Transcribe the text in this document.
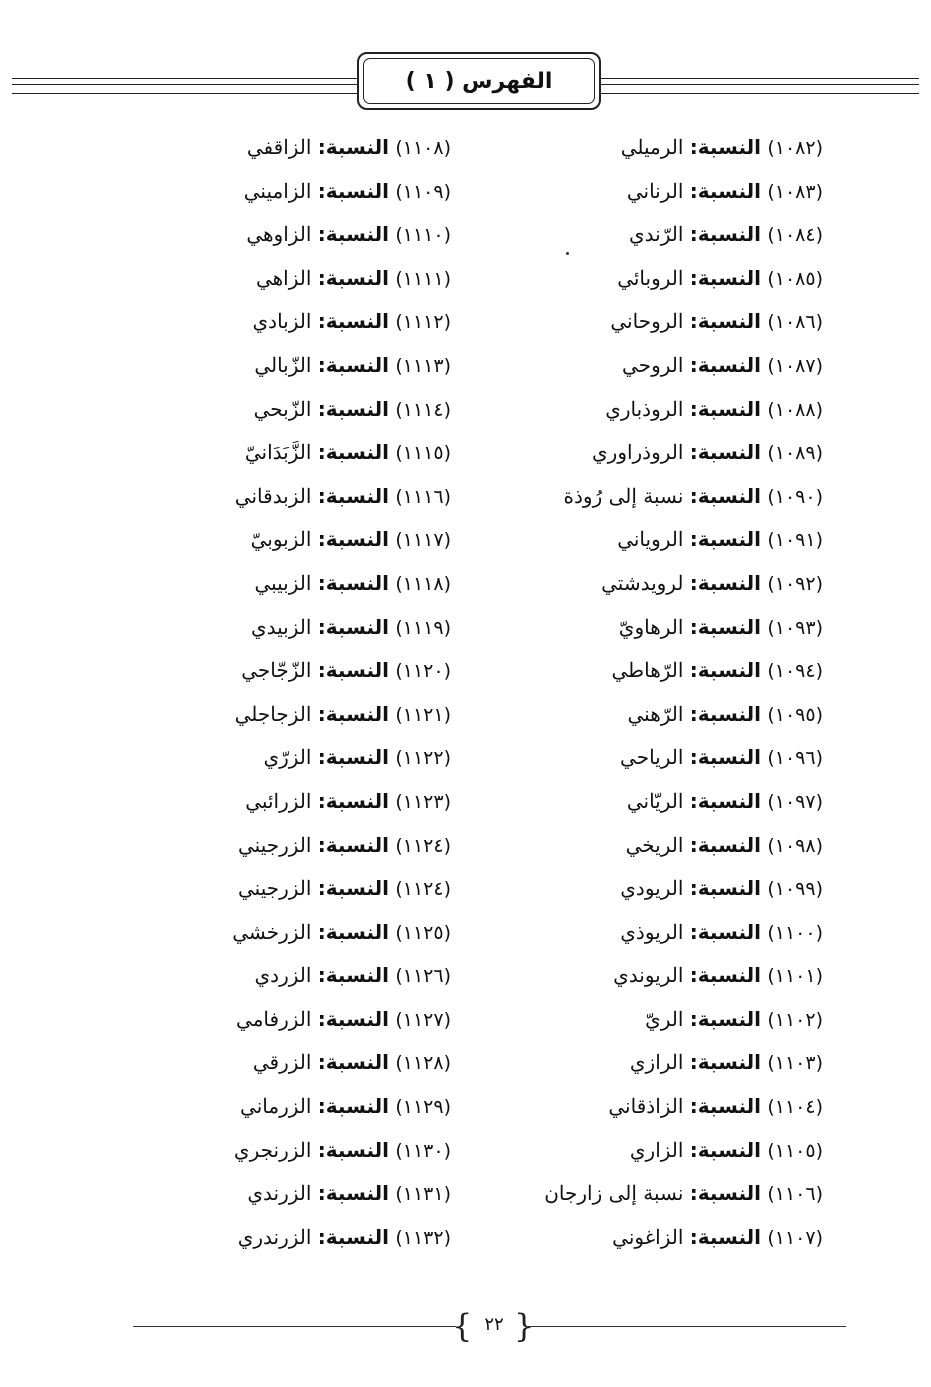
الفهرس ( ١ )
(١٠٨٢) النسبة: الرميلي
(١٠٨٣) النسبة: الرناني
(١٠٨٤) النسبة: الرّندي
(١٠٨٥) النسبة: الروبائي
(١٠٨٦) النسبة: الروحاني
(١٠٨٧) النسبة: الروحي
(١٠٨٨) النسبة: الروذباري
(١٠٨٩) النسبة: الروذراوري
(١٠٩٠) النسبة: نسبة إلى رُوذة
(١٠٩١) النسبة: الروياني
(١٠٩٢) النسبة: لرويدشتي
(١٠٩٣) النسبة: الرهاويّ
(١٠٩٤) النسبة: الرّهاطي
(١٠٩٥) النسبة: الرّهني
(١٠٩٦) النسبة: الرياحي
(١٠٩٧) النسبة: الريّاني
(١٠٩٨) النسبة: الريخي
(١٠٩٩) النسبة: الريودي
(١١٠٠) النسبة: الريوذي
(١١٠١) النسبة: الريوندي
(١١٠٢) النسبة: الريّ
(١١٠٣) النسبة: الرازي
(١١٠٤) النسبة: الزاذقاني
(١١٠٥) النسبة: الزاري
(١١٠٦) النسبة: نسبة إلى زارجان
(١١٠٧) النسبة: الزاغوني
(١١٠٨) النسبة: الزاقفي
(١١٠٩) النسبة: الزاميني
(١١١٠) النسبة: الزاوهي
(١١١١) النسبة: الزاهي
(١١١٢) النسبة: الزبادي
(١١١٣) النسبة: الزّبالي
(١١١٤) النسبة: الزّبحي
(١١١٥) النسبة: الزَّبَدَانيّ
(١١١٦) النسبة: الزبدقاني
(١١١٧) النسبة: الزبوبيّ
(١١١٨) النسبة: الزبيبي
(١١١٩) النسبة: الزبيدي
(١١٢٠) النسبة: الزّجّاجي
(١١٢١) النسبة: الزجاجلي
(١١٢٢) النسبة: الزرّي
(١١٢٣) النسبة: الزرائبي
(١١٢٤) النسبة: الزرجيني
(١١٢٤) النسبة: الزرجيني
(١١٢٥) النسبة: الزرخشي
(١١٢٦) النسبة: الزردي
(١١٢٧) النسبة: الزرفامي
(١١٢٨) النسبة: الزرقي
(١١٢٩) النسبة: الزرماني
(١١٣٠) النسبة: الزرنجري
(١١٣١) النسبة: الزرندي
(١١٣٢) النسبة: الزرندري
{ ٢٢ }
